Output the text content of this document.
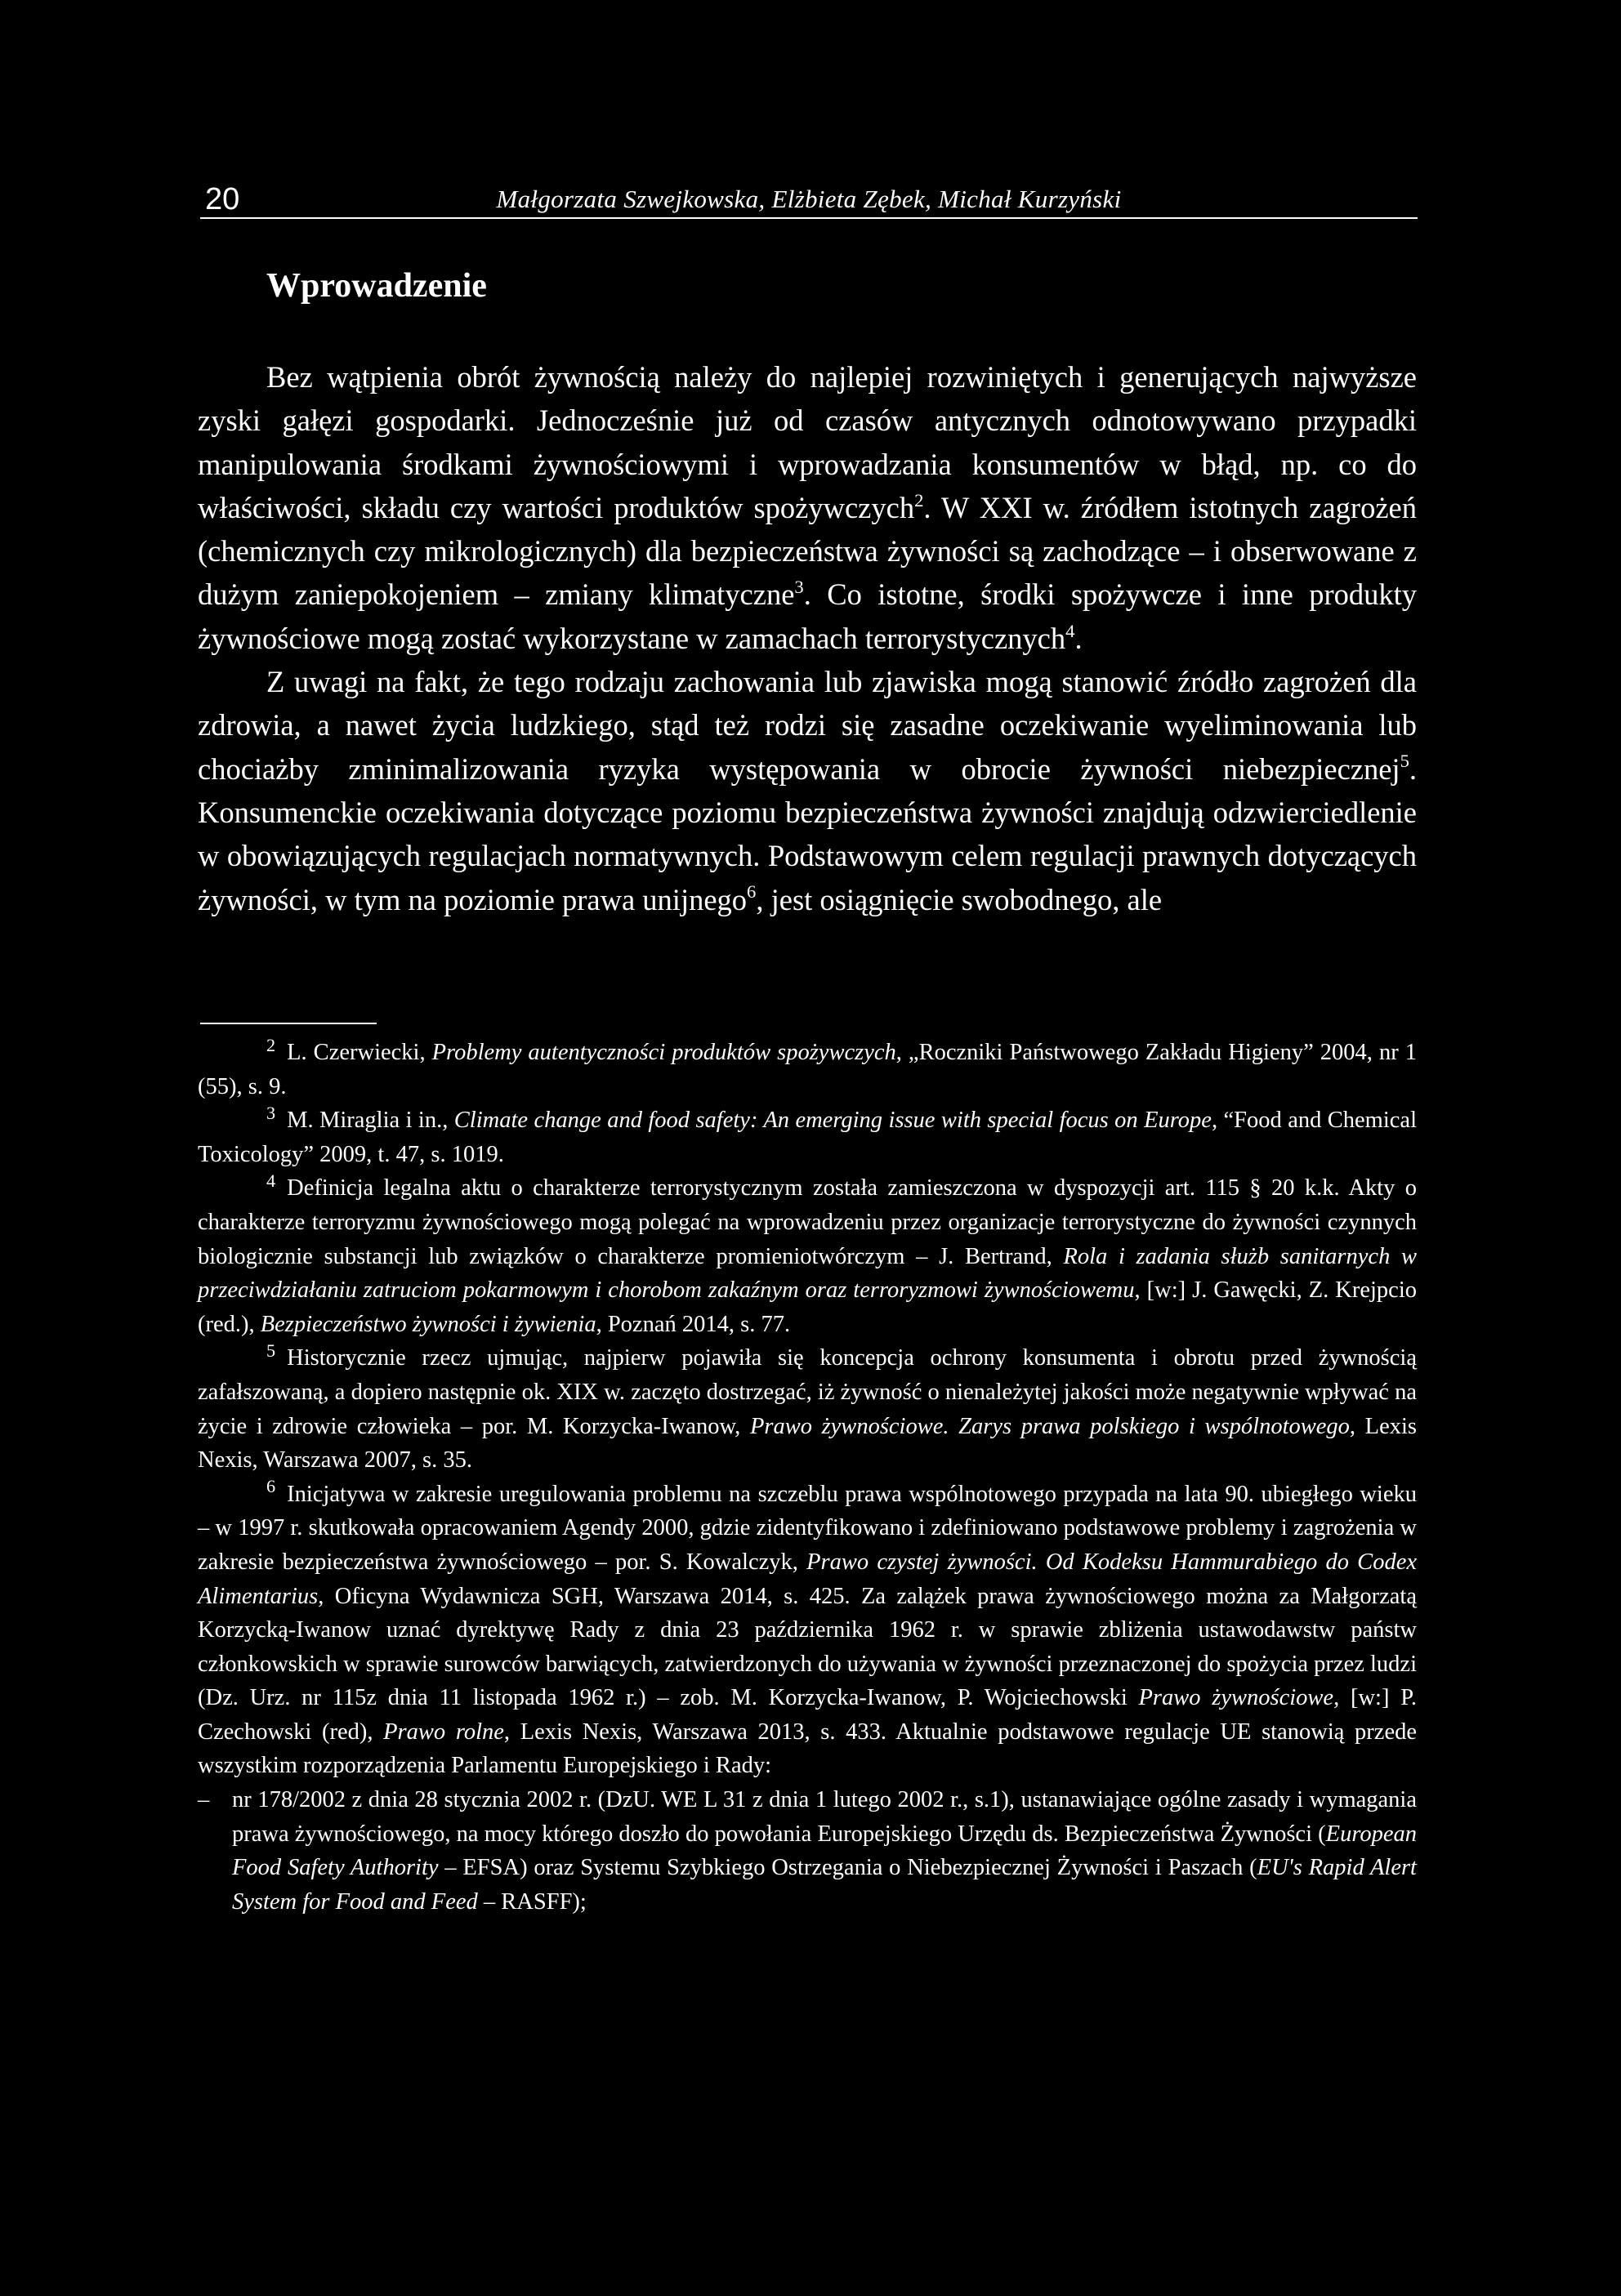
20	Małgorzata Szwejkowska, Elżbieta Zębek, Michał Kurzyński
Wprowadzenie

Bez wątpienia obrót żywnością należy do najlepiej rozwiniętych i generujących najwyższe zyski gałęzi gospodarki. Jednocześnie już od czasów antycznych odnotowywano przypadki manipulowania środkami żywnościowymi i wprowadzania konsumentów w błąd, np. co do właściwości, składu czy wartości produktów spożywczych$^2$. W XXI w. źródłem istotnych zagrożeń (chemicznych czy mikrologicznych) dla bezpieczeństwa żywności są zachodzące – i obserwowane z dużym zaniepokojeniem – zmiany klimatyczne$^3$. Co istotne, środki spożywcze i inne produkty żywnościowe mogą zostać wykorzystane w zamachach terrorystycznych$^4$.

Z uwagi na fakt, że tego rodzaju zachowania lub zjawiska mogą stanowić źródło zagrożeń dla zdrowia, a nawet życia ludzkiego, stąd też rodzi się zasadne oczekiwanie wyeliminowania lub chociażby zminimalizowania ryzyka występowania w obrocie żywności niebezpiecznej$^5$. Konsumenckie oczekiwania dotyczące poziomu bezpieczeństwa żywności znajdują odzwierciedlenie w obowiązujących regulacjach normatywnych. Podstawowym celem regulacji prawnych dotyczących żywności, w tym na poziomie prawa unijnego$^6$, jest osiągnięcie swobodnego, ale

$^2$ L. Czerwiecki, Problemy autentyczności produktów spożywczych, „Roczniki Państwowego Zakładu Higieny” 2004, nr 1 (55), s. 9.

$^3$ M. Miraglia i in., Climate change and food safety: An emerging issue with special focus on Europe, “Food and Chemical Toxicology” 2009, t. 47, s. 1019.

$^4$ Definicja legalna aktu o charakterze terrorystycznym została zamieszczona w dyspozycji art. 115 § 20 k.k. Akty o charakterze terroryzmu żywnościowego mogą polegać na wprowadzeniu przez organizacje terrorystyczne do żywności czynnych biologicznie substancji lub związków o charakterze promieniotwórczym – J. Bertrand, Rola i zadania służb sanitarnych w przeciwdziałaniu zatruciom pokarmowym i chorobom zakaźnym oraz terroryzmowi żywnościowemu, [w:] J. Gawęcki, Z. Krejpcio (red.), Bezpieczeństwo żywności i żywienia, Poznań 2014, s. 77.

$^5$ Historycznie rzecz ujmując, najpierw pojawiła się koncepcja ochrony konsumenta i obrotu przed żywnością zafałszowaną, a dopiero następnie ok. XIX w. zaczęto dostrzegać, iż żywność o nienależytej jakości może negatywnie wpływać na życie i zdrowie człowieka – por. M. Korzycka-Iwanow, Prawo żywnościowe. Zarys prawa polskiego i wspólnotowego, Lexis Nexis, Warszawa 2007, s. 35.

$^6$ Inicjatywa w zakresie uregulowania problemu na szczeblu prawa wspólnotowego przypada na lata 90. ubiegłego wieku – w 1997 r. skutkowała opracowaniem Agendy 2000, gdzie zidentyfikowano i zdefiniowano podstawowe problemy i zagrożenia w zakresie bezpieczeństwa żywnościowego – por. S. Kowalczyk, Prawo czystej żywności. Od Kodeksu Hammurabiego do Codex Alimentarius, Oficyna Wydawnicza SGH, Warszawa 2014, s. 425. Za zalążek prawa żywnościowego można za Małgorzatą Korzycką-Iwanow uznać dyrektywę Rady z dnia 23 października 1962 r. w sprawie zbliżenia ustawodawstw państw członkowskich w sprawie surowców barwiących, zatwierdzonych do używania w żywności przeznaczonej do spożycia przez ludzi (Dz. Urz. nr 115z dnia 11 listopada 1962 r.) – zob. M. Korzycka-Iwanow, P. Wojciechowski Prawo żywnościowe, [w:] P. Czechowski (red), Prawo rolne, Lexis Nexis, Warszawa 2013, s. 433. Aktualnie podstawowe regulacje UE stanowią przede wszystkim rozporządzenia Parlamentu Europejskiego i Rady:

– nr 178/2002 z dnia 28 stycznia 2002 r. (DzU. WE L 31 z dnia 1 lutego 2002 r., s.1), ustanawiające ogólne zasady i wymagania prawa żywnościowego, na mocy którego doszło do powołania Europejskiego Urzędu ds. Bezpieczeństwa Żywności (European Food Safety Authority – EFSA) oraz Systemu Szybkiego Ostrzegania o Niebezpiecznej Żywności i Paszach (EU's Rapid Alert System for Food and Feed – RASFF);
